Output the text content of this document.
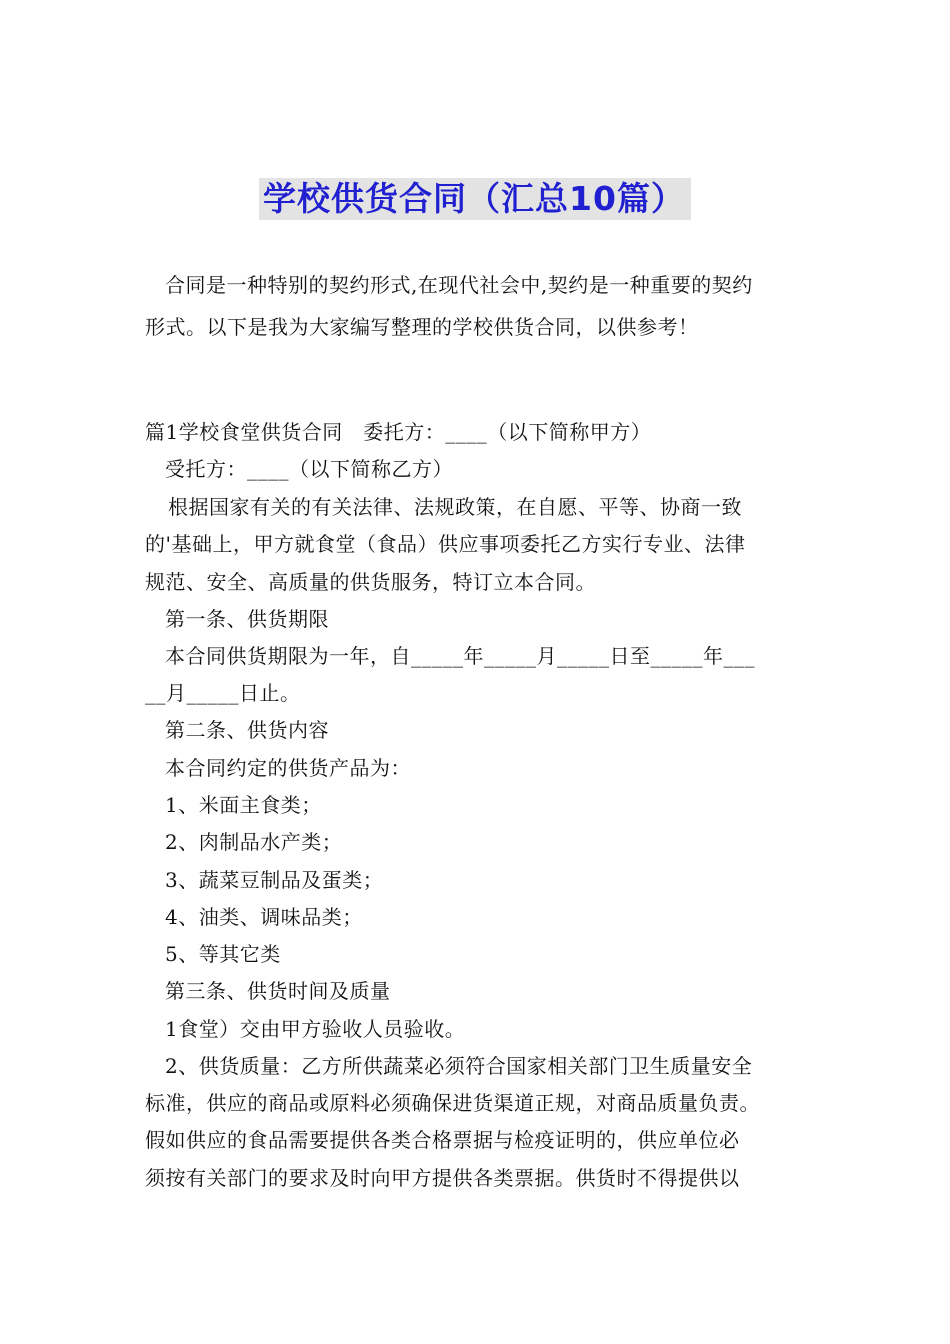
学校供货合同（汇总10篇）
合同是一种特别的契约形式,在现代社会中,契约是一种重要的契约
形式。以下是我为大家编写整理的学校供货合同，以供参考！
篇1学校食堂供货合同　委托方：____（以下简称甲方）
受托方：____（以下简称乙方）
根据国家有关的有关法律、法规政策，在自愿、平等、协商一致
的'基础上，甲方就食堂（食品）供应事项委托乙方实行专业、法律
规范、安全、高质量的供货服务，特订立本合同。
第一条、供货期限
本合同供货期限为一年，自_____年_____月_____日至_____年___
__月_____日止。
第二条、供货内容
本合同约定的供货产品为：
1、米面主食类；
2、肉制品水产类；
3、蔬菜豆制品及蛋类；
4、油类、调味品类；
5、等其它类
第三条、供货时间及质量
1食堂）交由甲方验收人员验收。
2、供货质量：乙方所供蔬菜必须符合国家相关部门卫生质量安全
标准，供应的商品或原料必须确保进货渠道正规，对商品质量负责。
假如供应的食品需要提供各类合格票据与检疫证明的，供应单位必
须按有关部门的要求及时向甲方提供各类票据。供货时不得提供以
